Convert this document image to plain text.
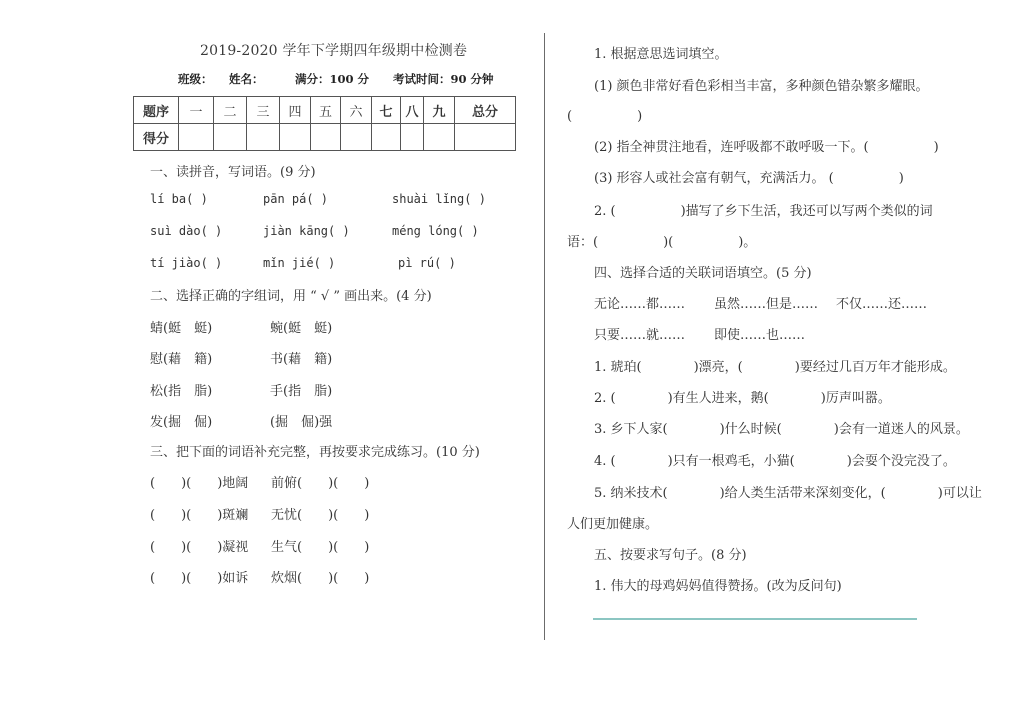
2019-2020 学年下学期四年级期中检测卷
班级： 姓名：	满分：100 分 考试时间：90 分钟
题序	一	二	三	四	五	六	七	八	九	总分
得分										
一、读拼音，写词语。(9 分)
lí ba( )	pān pá( )	shuài lǐng( )
suì dào( )	jiàn kāng( )	méng lóng( )
tí jiào( )	mǐn jié( )	pì rú( )
二、选择正确的字组词，用 “ √ ” 画出来。(4 分)
蜻(蜓　蜓)	蜿(蜓　蜓)
慰(藉　籍)	书(藉　籍)
松(指　脂)	手(指　脂)
发(掘　倔)	(掘　倔)强
三、把下面的词语补充完整，再按要求完成练习。(10 分)
(　　)(　　)地阔 前俯(　　)(　　)
(　　)(　　)斑斓 无忧(　　)(　　)
(　　)(　　)凝视 生气(　　)(　　)
(　　)(　　)如诉 炊烟(　　)(　　)
1. 根据意思选词填空。
(1) 颜色非常好看色彩相当丰富，多种颜色错杂繁多耀眼。
(　　　　　)
(2) 指全神贯注地看，连呼吸都不敢呼吸一下。(　　　　　)
(3) 形容人或社会富有朝气，充满活力。 (　　　　　)
2. (　　　　　)描写了乡下生活，我还可以写两个类似的词
语：(　　　　　)(　　　　　)。
四、选择合适的关联词语填空。(5 分)
无论……都…… 虽然……但是…… 不仅……还……
只要……就…… 即使……也……
1. 琥珀(　　　　)漂亮，(　　　　)要经过几百万年才能形成。
2. (　　　　)有生人进来，鹅(　　　　)厉声叫嚣。
3. 乡下人家(　　　　)什么时候(　　　　)会有一道迷人的风景。
4. (　　　　)只有一根鸡毛，小猫(　　　　)会耍个没完没了。
5. 纳米技术(　　　　)给人类生活带来深刻变化，(　　　　)可以让
人们更加健康。
五、按要求写句子。(8 分)
1. 伟大的母鸡妈妈值得赞扬。(改为反问句)
